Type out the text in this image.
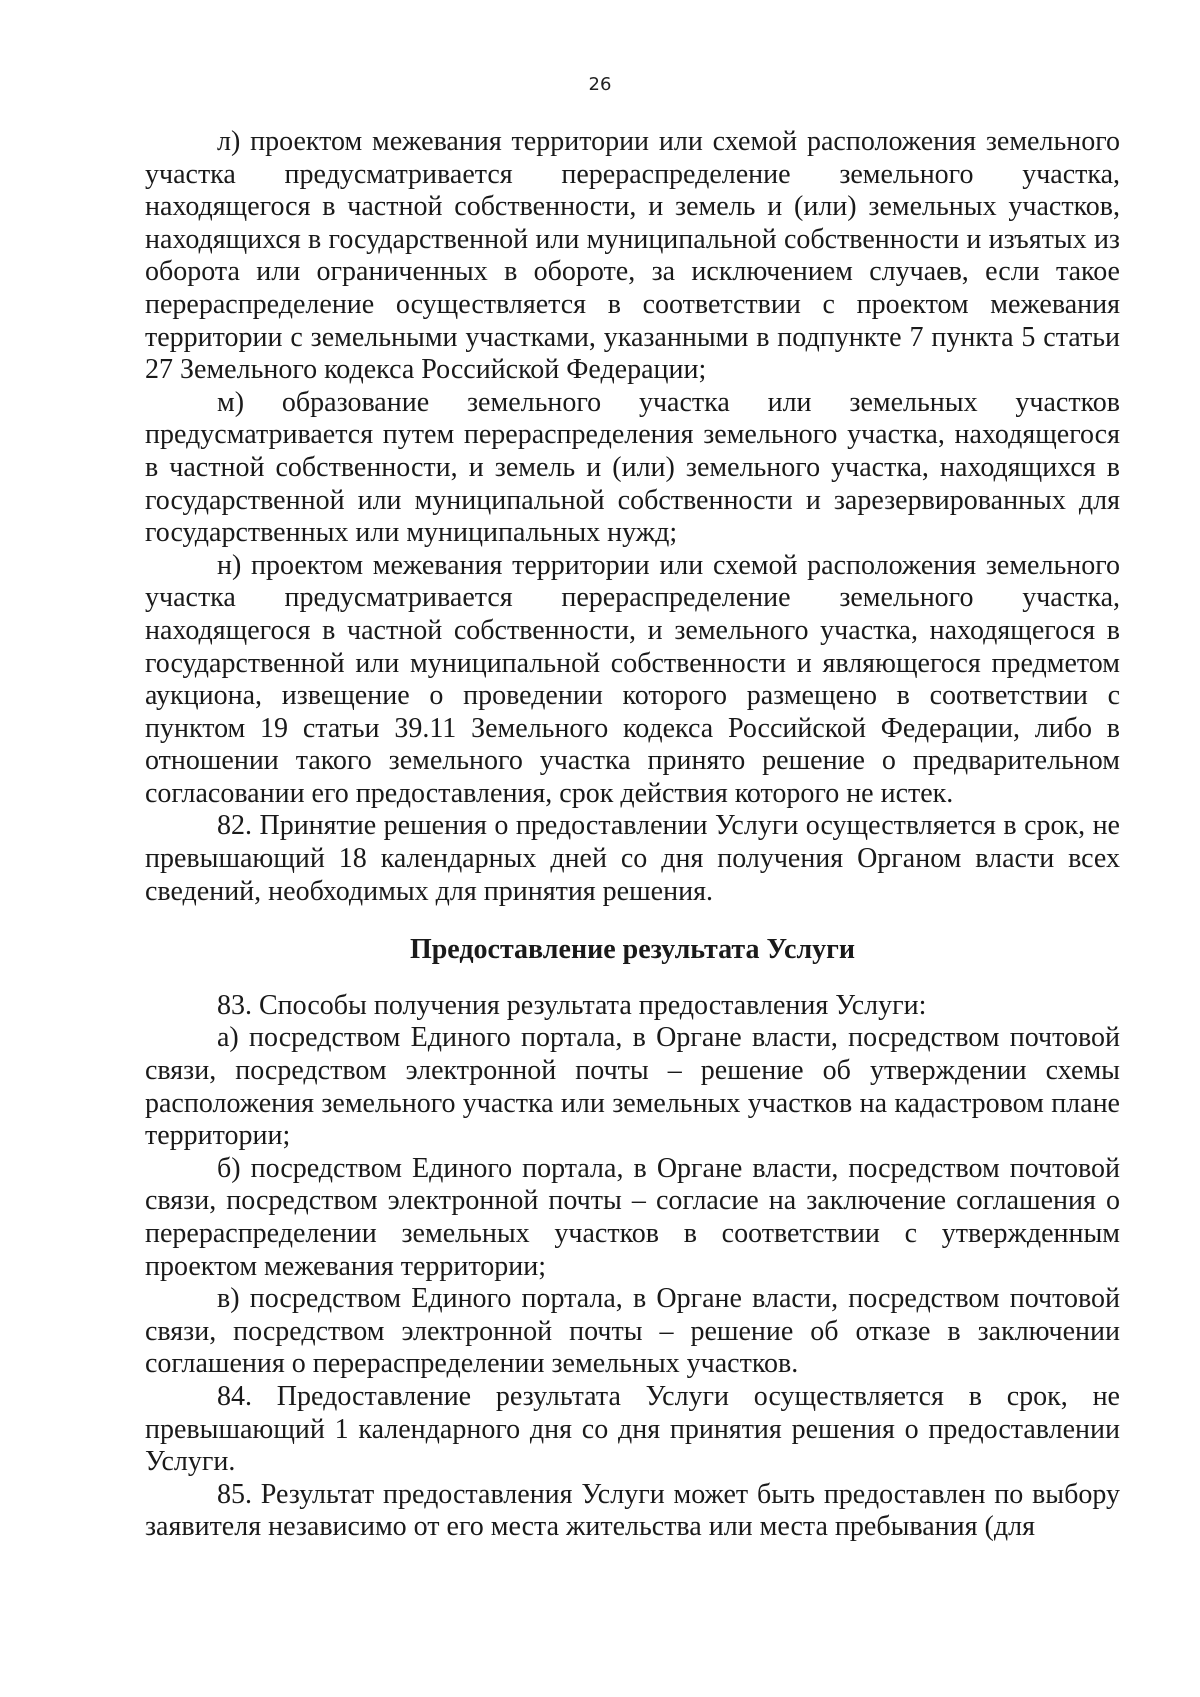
26

л) проектом межевания территории или схемой расположения земельного участка предусматривается перераспределение земельного участка, находящегося в частной собственности, и земель и (или) земельных участков, находящихся в государственной или муниципальной собственности и изъятых из оборота или ограниченных в обороте, за исключением случаев, если такое перераспределение осуществляется в соответствии с проектом межевания территории с земельными участками, указанными в подпункте 7 пункта 5 статьи 27 Земельного кодекса Российской Федерации;

м) образование земельного участка или земельных участков предусматривается путем перераспределения земельного участка, находящегося в частной собственности, и земель и (или) земельного участка, находящихся в государственной или муниципальной собственности и зарезервированных для государственных или муниципальных нужд;

н) проектом межевания территории или схемой расположения земельного участка предусматривается перераспределение земельного участка, находящегося в частной собственности, и земельного участка, находящегося в государственной или муниципальной собственности и являющегося предметом аукциона, извещение о проведении которого размещено в соответствии с пунктом 19 статьи 39.11 Земельного кодекса Российской Федерации, либо в отношении такого земельного участка принято решение о предварительном согласовании его предоставления, срок действия которого не истек.

82. Принятие решения о предоставлении Услуги осуществляется в срок, не превышающий 18 календарных дней со дня получения Органом власти всех сведений, необходимых для принятия решения.

Предоставление результата Услуги

83. Способы получения результата предоставления Услуги:

а) посредством Единого портала, в Органе власти, посредством почтовой связи, посредством электронной почты – решение об утверждении схемы расположения земельного участка или земельных участков на кадастровом плане территории;

б) посредством Единого портала, в Органе власти, посредством почтовой связи, посредством электронной почты – согласие на заключение соглашения о перераспределении земельных участков в соответствии с утвержденным проектом межевания территории;

в) посредством Единого портала, в Органе власти, посредством почтовой связи, посредством электронной почты – решение об отказе в заключении соглашения о перераспределении земельных участков.

84. Предоставление результата Услуги осуществляется в срок, не превышающий 1 календарного дня со дня принятия решения о предоставлении Услуги.

85. Результат предоставления Услуги может быть предоставлен по выбору заявителя независимо от его места жительства или места пребывания (для
